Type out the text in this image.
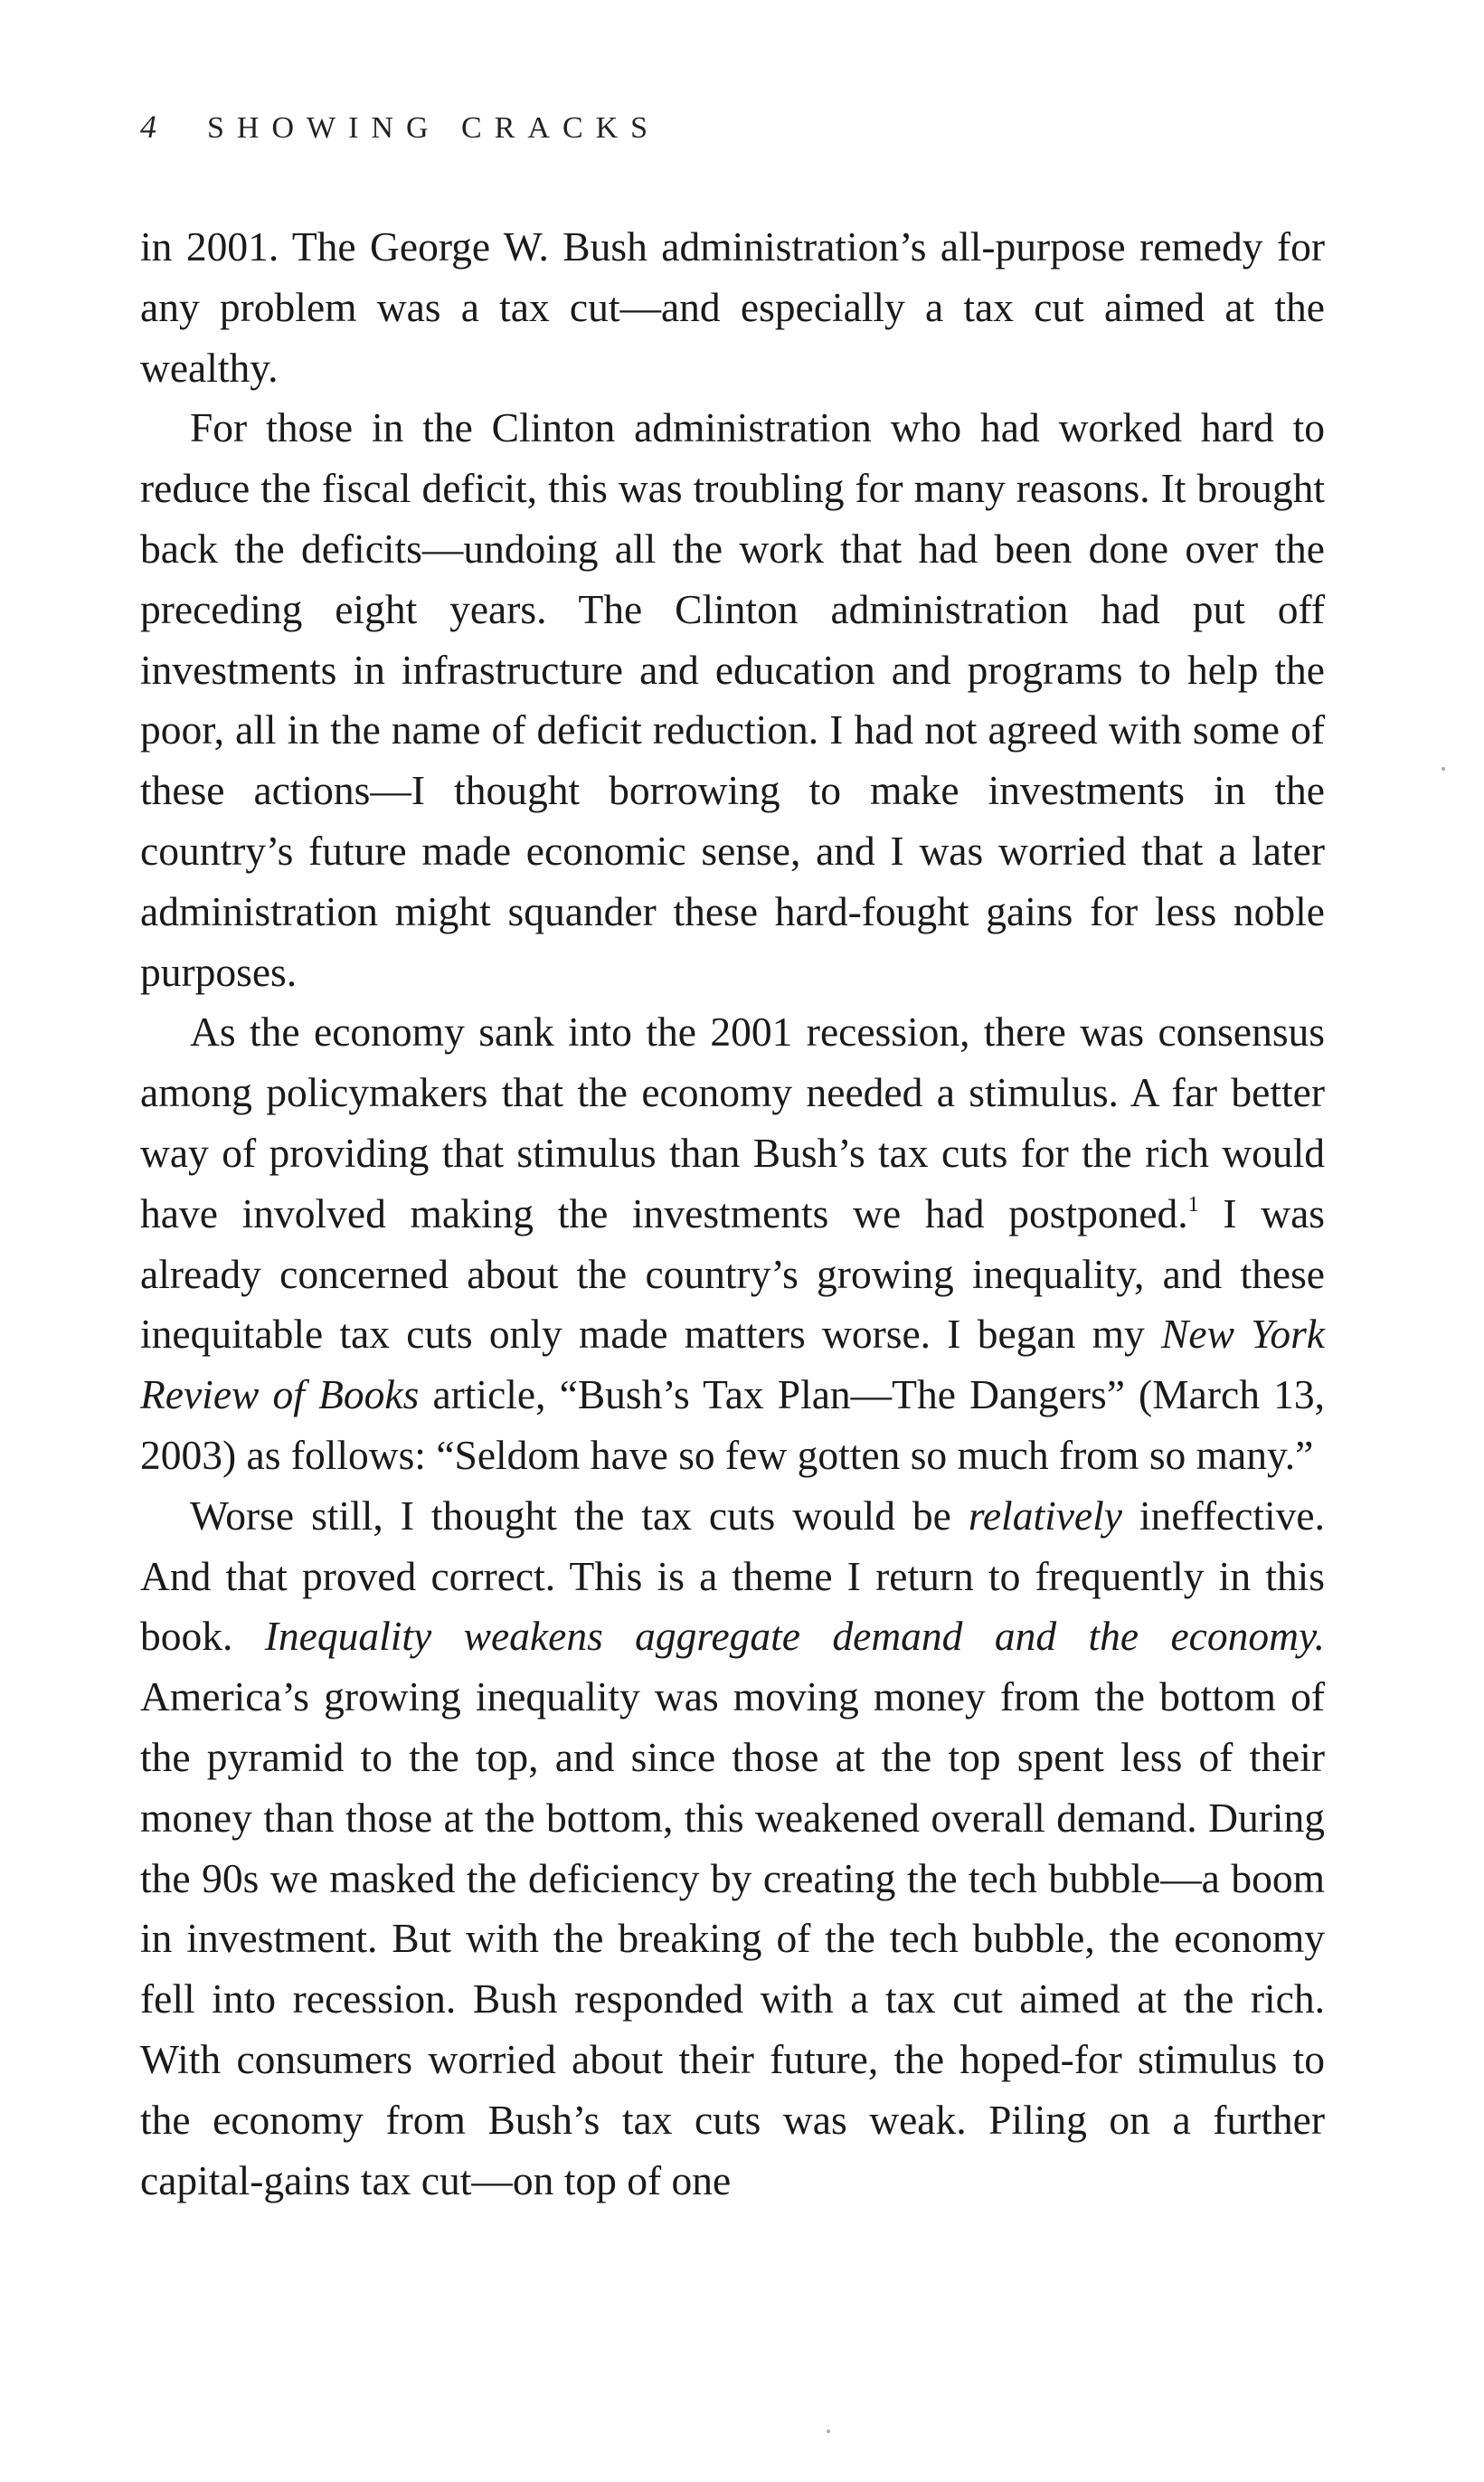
4 SHOWING CRACKS

in 2001. The George W. Bush administration’s all-purpose remedy for any problem was a tax cut—and especially a tax cut aimed at the wealthy.

For those in the Clinton administration who had worked hard to reduce the fiscal deficit, this was troubling for many reasons. It brought back the deficits—undoing all the work that had been done over the preceding eight years. The Clinton administration had put off investments in infrastructure and education and programs to help the poor, all in the name of deficit reduction. I had not agreed with some of these actions—I thought borrowing to make investments in the country’s future made economic sense, and I was worried that a later administration might squander these hard-fought gains for less noble purposes.

As the economy sank into the 2001 recession, there was consensus among policymakers that the economy needed a stimulus. A far better way of providing that stimulus than Bush’s tax cuts for the rich would have involved making the investments we had postponed.$^1$ I was already concerned about the country’s growing inequality, and these inequitable tax cuts only made matters worse. I began my New York Review of Books article, “Bush’s Tax Plan—The Dangers” (March 13, 2003) as follows: “Seldom have so few gotten so much from so many.”

Worse still, I thought the tax cuts would be relatively ineffective. And that proved correct. This is a theme I return to frequently in this book. Inequality weakens aggregate demand and the economy. America’s growing inequality was moving money from the bottom of the pyramid to the top, and since those at the top spent less of their money than those at the bottom, this weakened overall demand. During the 90s we masked the deficiency by creating the tech bubble—a boom in investment. But with the breaking of the tech bubble, the economy fell into recession. Bush responded with a tax cut aimed at the rich. With consumers worried about their future, the hoped-for stimulus to the economy from Bush’s tax cuts was weak. Piling on a further capital-gains tax cut—on top of one
